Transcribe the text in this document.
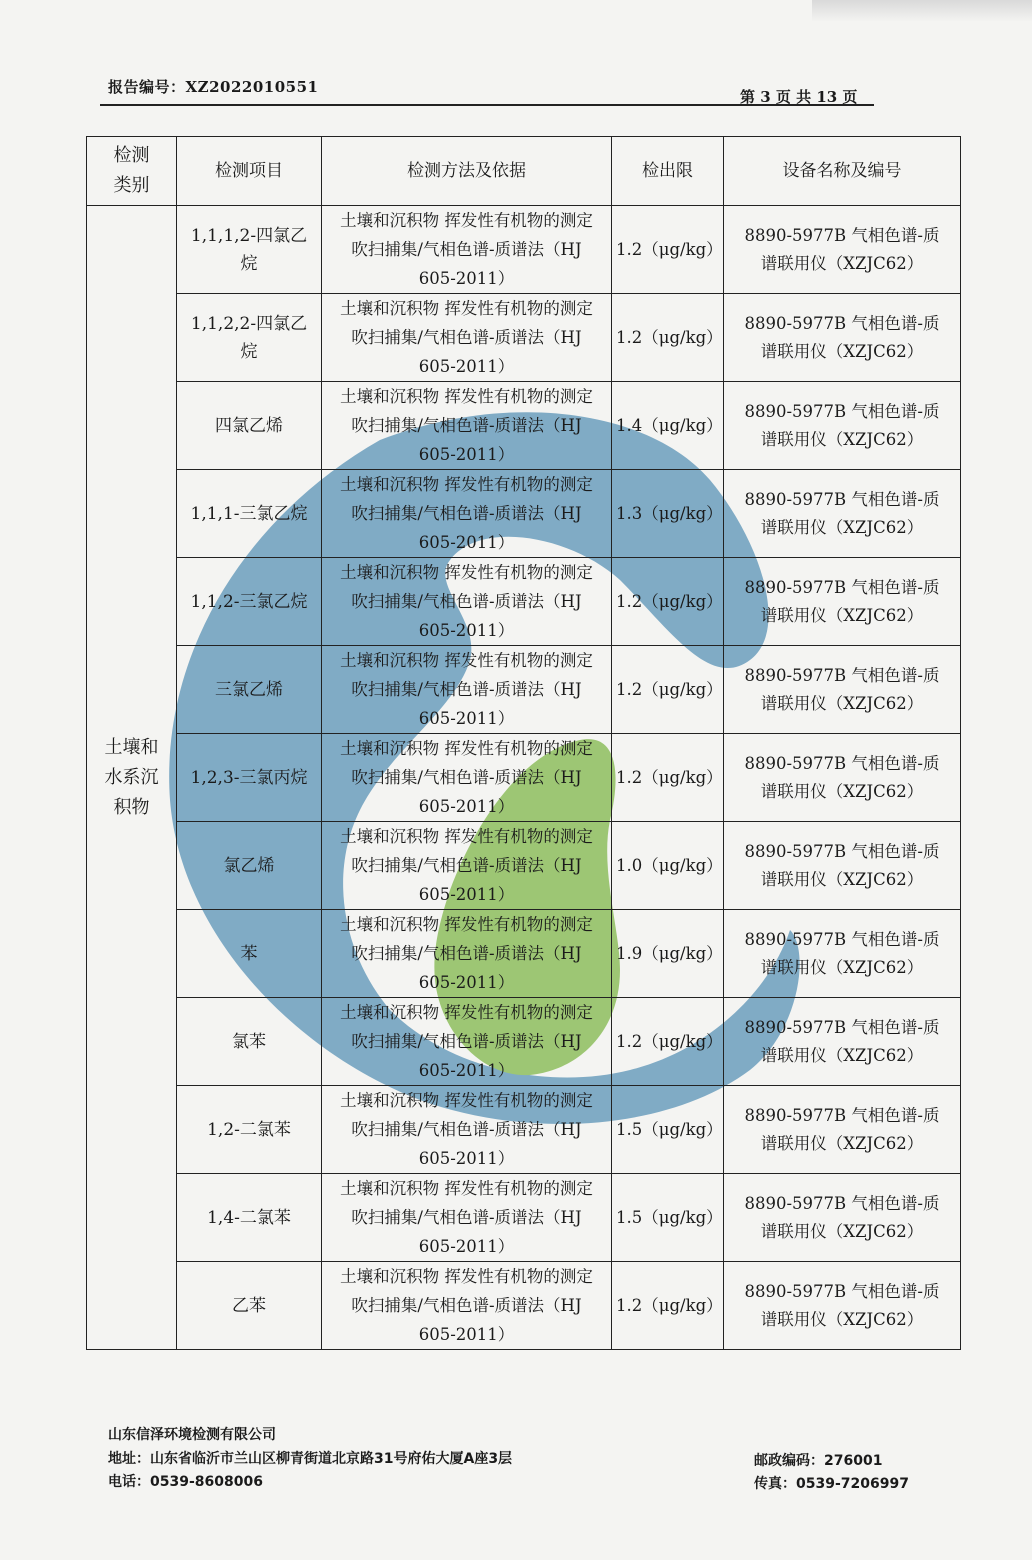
报告编号：XZ2022010551
第 3 页 共 13 页
检测类别	检测项目	检测方法及依据	检出限	设备名称及编号
土壤和水系沉积物	1,1,1,2-四氯乙烷	土壤和沉积物 挥发性有机物的测定 吹扫捕集/气相色谱-质谱法（HJ 605-2011）	1.2（μg/kg）	8890-5977B 气相色谱-质谱联用仪（XZJC62）
	1,1,2,2-四氯乙烷	土壤和沉积物 挥发性有机物的测定 吹扫捕集/气相色谱-质谱法（HJ 605-2011）	1.2（μg/kg）	8890-5977B 气相色谱-质谱联用仪（XZJC62）
	四氯乙烯	土壤和沉积物 挥发性有机物的测定 吹扫捕集/气相色谱-质谱法（HJ 605-2011）	1.4（μg/kg）	8890-5977B 气相色谱-质谱联用仪（XZJC62）
	1,1,1-三氯乙烷	土壤和沉积物 挥发性有机物的测定 吹扫捕集/气相色谱-质谱法（HJ 605-2011）	1.3（μg/kg）	8890-5977B 气相色谱-质谱联用仪（XZJC62）
	1,1,2-三氯乙烷	土壤和沉积物 挥发性有机物的测定 吹扫捕集/气相色谱-质谱法（HJ 605-2011）	1.2（μg/kg）	8890-5977B 气相色谱-质谱联用仪（XZJC62）
	三氯乙烯	土壤和沉积物 挥发性有机物的测定 吹扫捕集/气相色谱-质谱法（HJ 605-2011）	1.2（μg/kg）	8890-5977B 气相色谱-质谱联用仪（XZJC62）
	1,2,3-三氯丙烷	土壤和沉积物 挥发性有机物的测定 吹扫捕集/气相色谱-质谱法（HJ 605-2011）	1.2（μg/kg）	8890-5977B 气相色谱-质谱联用仪（XZJC62）
	氯乙烯	土壤和沉积物 挥发性有机物的测定 吹扫捕集/气相色谱-质谱法（HJ 605-2011）	1.0（μg/kg）	8890-5977B 气相色谱-质谱联用仪（XZJC62）
	苯	土壤和沉积物 挥发性有机物的测定 吹扫捕集/气相色谱-质谱法（HJ 605-2011）	1.9（μg/kg）	8890-5977B 气相色谱-质谱联用仪（XZJC62）
	氯苯	土壤和沉积物 挥发性有机物的测定 吹扫捕集/气相色谱-质谱法（HJ 605-2011）	1.2（μg/kg）	8890-5977B 气相色谱-质谱联用仪（XZJC62）
	1,2-二氯苯	土壤和沉积物 挥发性有机物的测定 吹扫捕集/气相色谱-质谱法（HJ 605-2011）	1.5（μg/kg）	8890-5977B 气相色谱-质谱联用仪（XZJC62）
	1,4-二氯苯	土壤和沉积物 挥发性有机物的测定 吹扫捕集/气相色谱-质谱法（HJ 605-2011）	1.5（μg/kg）	8890-5977B 气相色谱-质谱联用仪（XZJC62）
	乙苯	土壤和沉积物 挥发性有机物的测定 吹扫捕集/气相色谱-质谱法（HJ 605-2011）	1.2（μg/kg）	8890-5977B 气相色谱-质谱联用仪（XZJC62）
山东信泽环境检测有限公司
地址：山东省临沂市兰山区柳青街道北京路31号府佑大厦A座3层
电话：0539-8608006
邮政编码：276001
传真：0539-7206997
